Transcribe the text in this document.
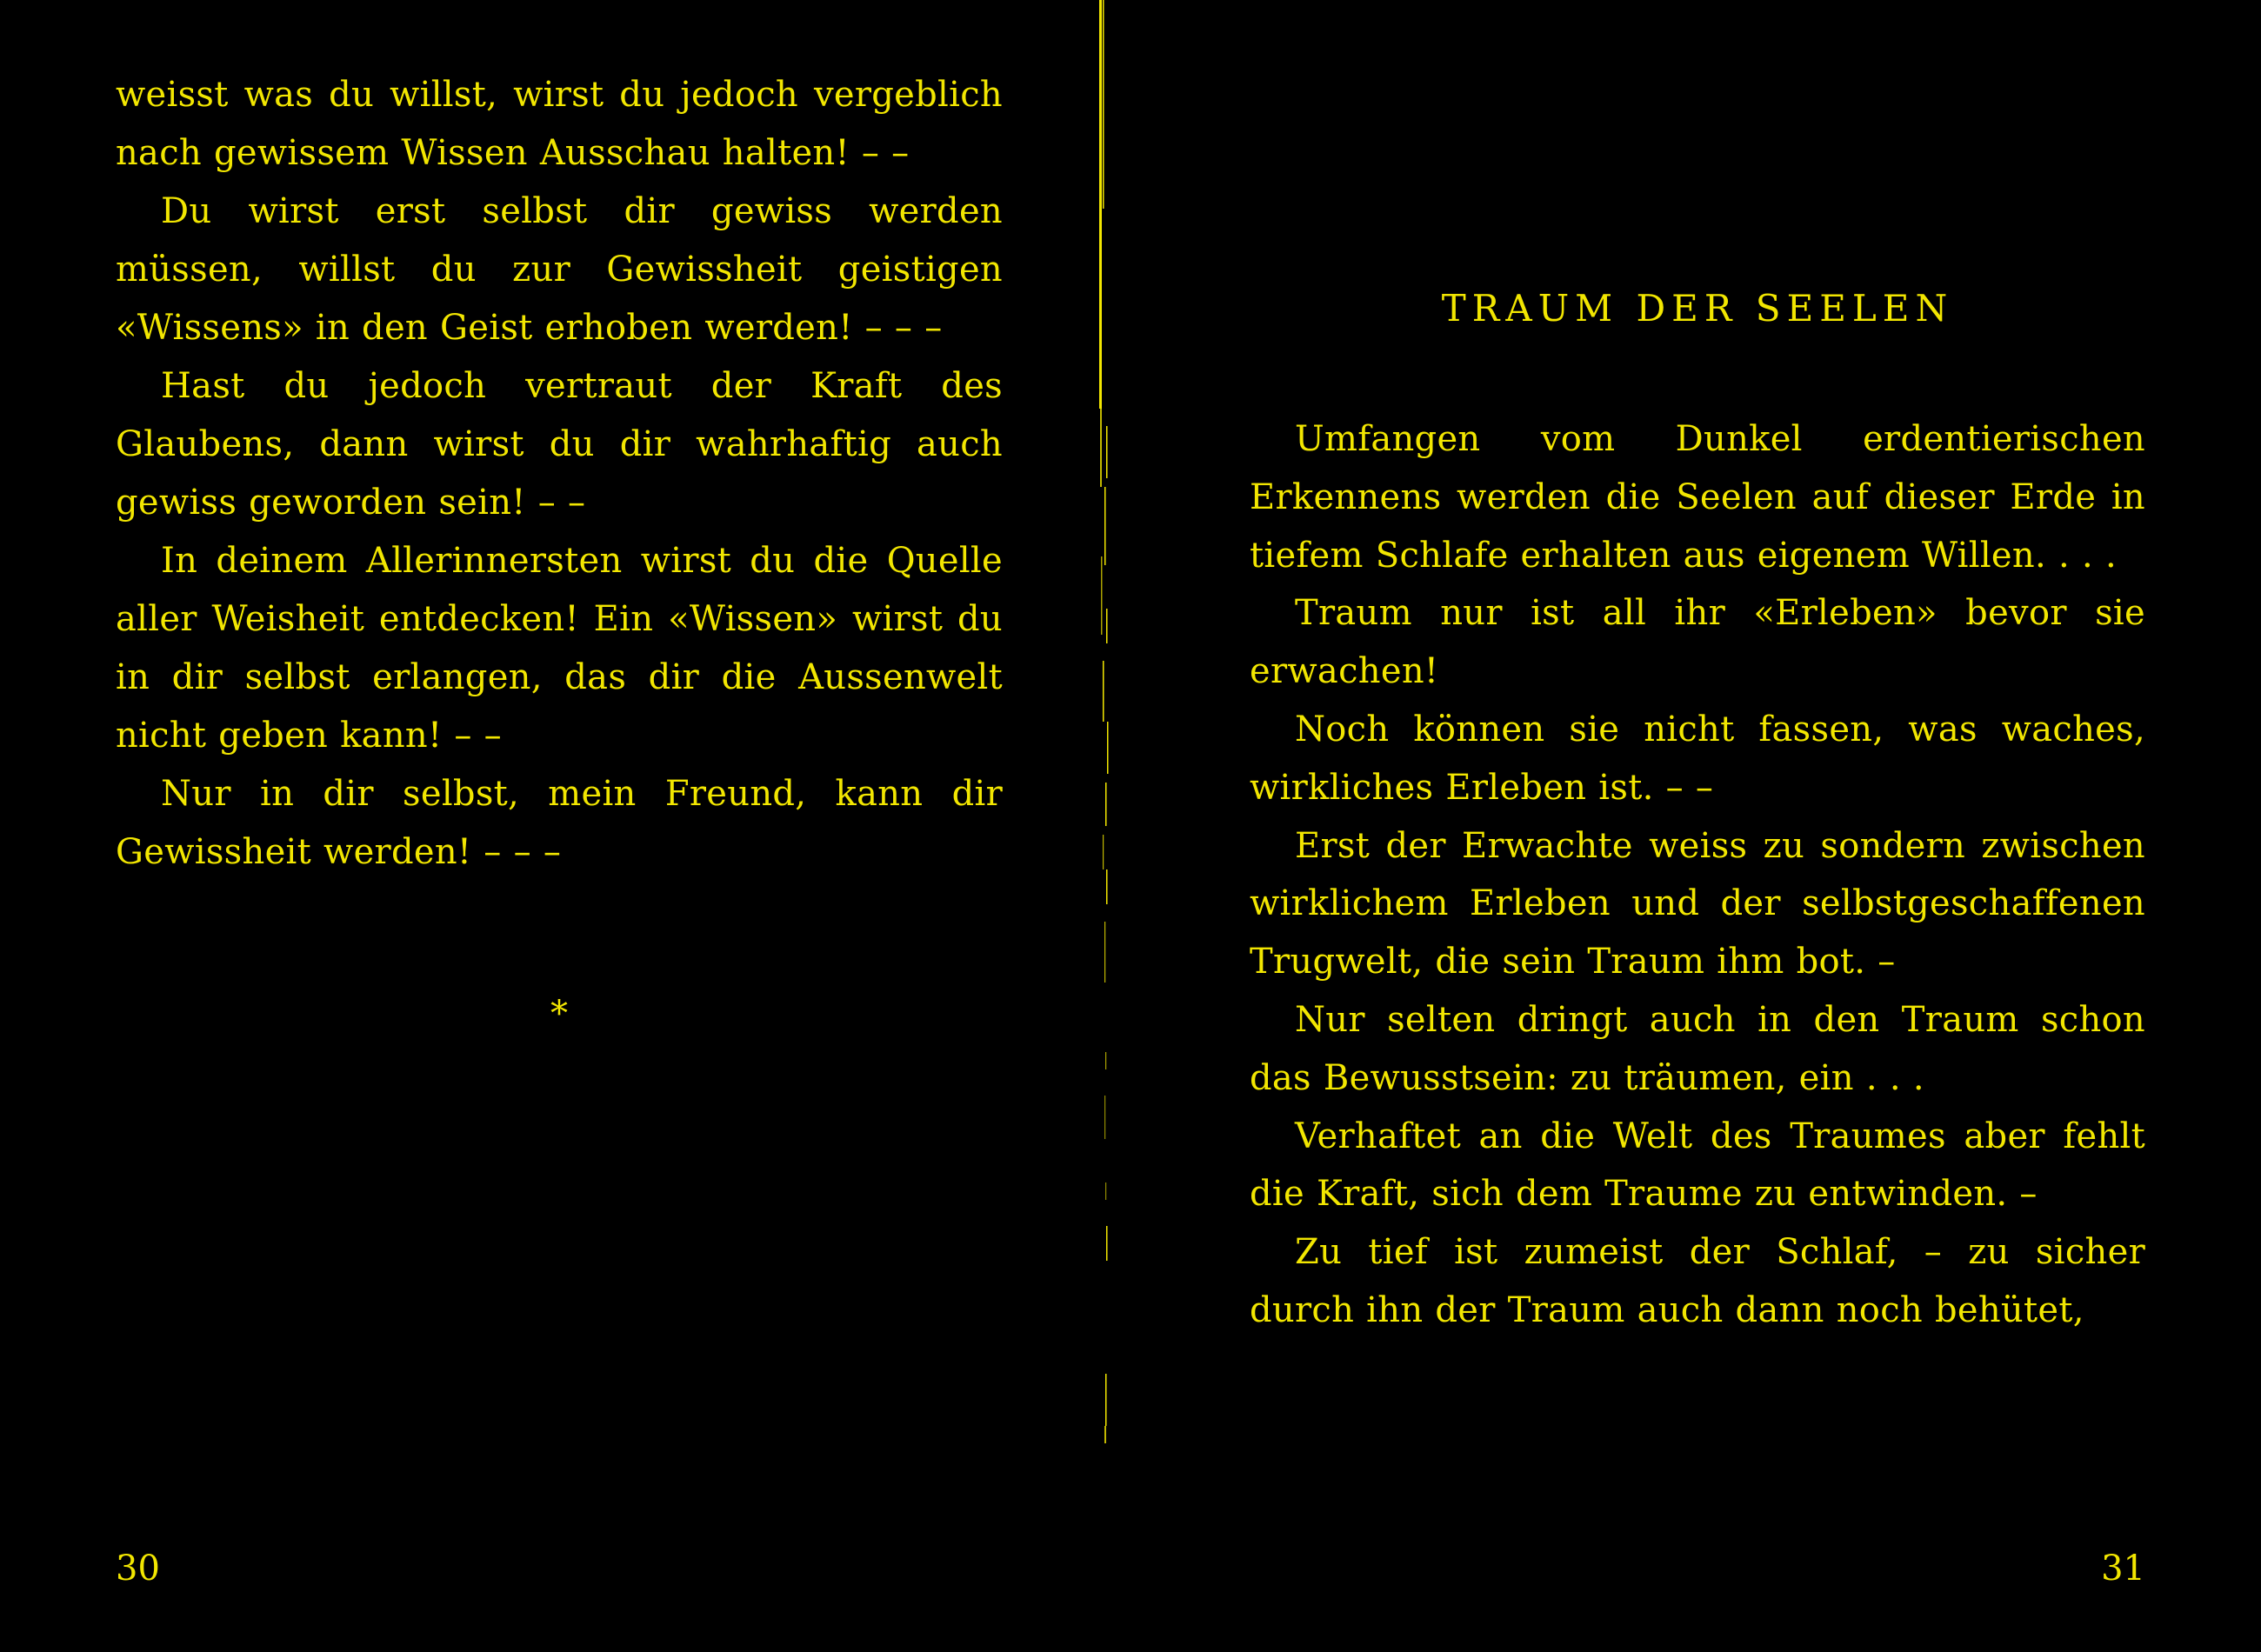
weisst was du willst, wirst du jedoch vergeblich nach gewissem Wissen Ausschau halten! – –

Du wirst erst selbst dir gewiss werden müssen, willst du zur Gewissheit geistigen «Wissens» in den Geist erhoben werden! – – –

Hast du jedoch vertraut der Kraft des Glaubens, dann wirst du dir wahrhaftig auch gewiss geworden sein! – –

In deinem Allerinnersten wirst du die Quelle aller Weisheit entdecken! Ein «Wissen» wirst du in dir selbst erlangen, das dir die Aussenwelt nicht geben kann! – –

Nur in dir selbst, mein Freund, kann dir Gewissheit werden! – – –

*
30
TRAUM DER SEELEN

Umfangen vom Dunkel erdentierischen Erkennens werden die Seelen auf dieser Erde in tiefem Schlafe erhalten aus eigenem Willen. . . .

Traum nur ist all ihr «Erleben» bevor sie erwachen!

Noch können sie nicht fassen, was waches, wirkliches Erleben ist. – –

Erst der Erwachte weiss zu sondern zwischen wirklichem Erleben und der selbstgeschaffenen Trugwelt, die sein Traum ihm bot. –

Nur selten dringt auch in den Traum schon das Bewusstsein: zu träumen, ein . . .

Verhaftet an die Welt des Traumes aber fehlt die Kraft, sich dem Traume zu entwinden. –

Zu tief ist zumeist der Schlaf, – zu sicher durch ihn der Traum auch dann noch behütet,

31
